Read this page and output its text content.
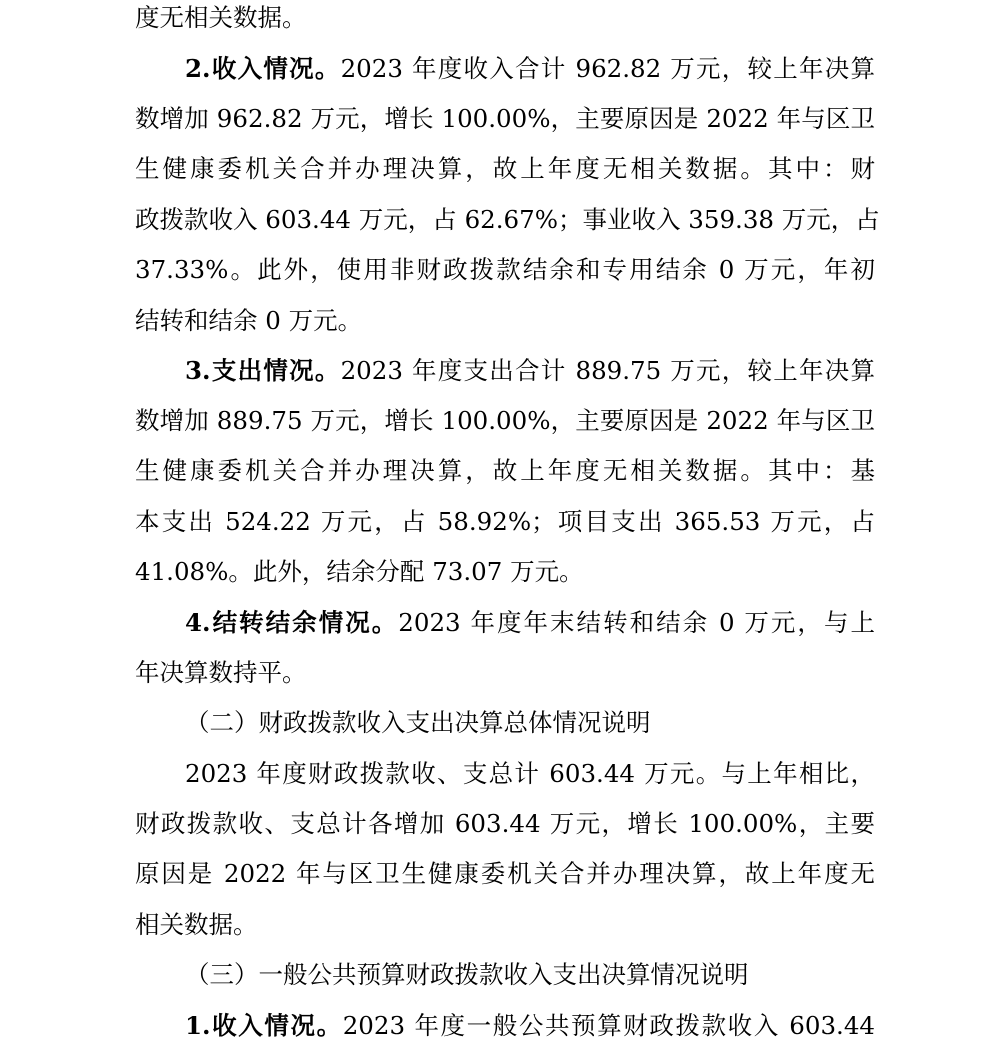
度无相关数据。
2.收入情况。2023 年度收入合计 962.82 万元，较上年决算
数增加 962.82 万元，增长 100.00%，主要原因是 2022 年与区卫
生健康委机关合并办理决算，故上年度无相关数据。其中：财
政拨款收入 603.44 万元，占 62.67%；事业收入 359.38 万元，占
37.33%。此外，使用非财政拨款结余和专用结余 0 万元，年初
结转和结余 0 万元。
3.支出情况。2023 年度支出合计 889.75 万元，较上年决算
数增加 889.75 万元，增长 100.00%，主要原因是 2022 年与区卫
生健康委机关合并办理决算，故上年度无相关数据。其中：基
本支出 524.22 万元，占 58.92%；项目支出 365.53 万元，占
41.08%。此外，结余分配 73.07 万元。
4.结转结余情况。2023 年度年末结转和结余 0 万元，与上
年决算数持平。
（二）财政拨款收入支出决算总体情况说明
2023 年度财政拨款收、支总计 603.44 万元。与上年相比，
财政拨款收、支总计各增加 603.44 万元，增长 100.00%，主要
原因是 2022 年与区卫生健康委机关合并办理决算，故上年度无
相关数据。
（三）一般公共预算财政拨款收入支出决算情况说明
1.收入情况。2023 年度一般公共预算财政拨款收入 603.44
